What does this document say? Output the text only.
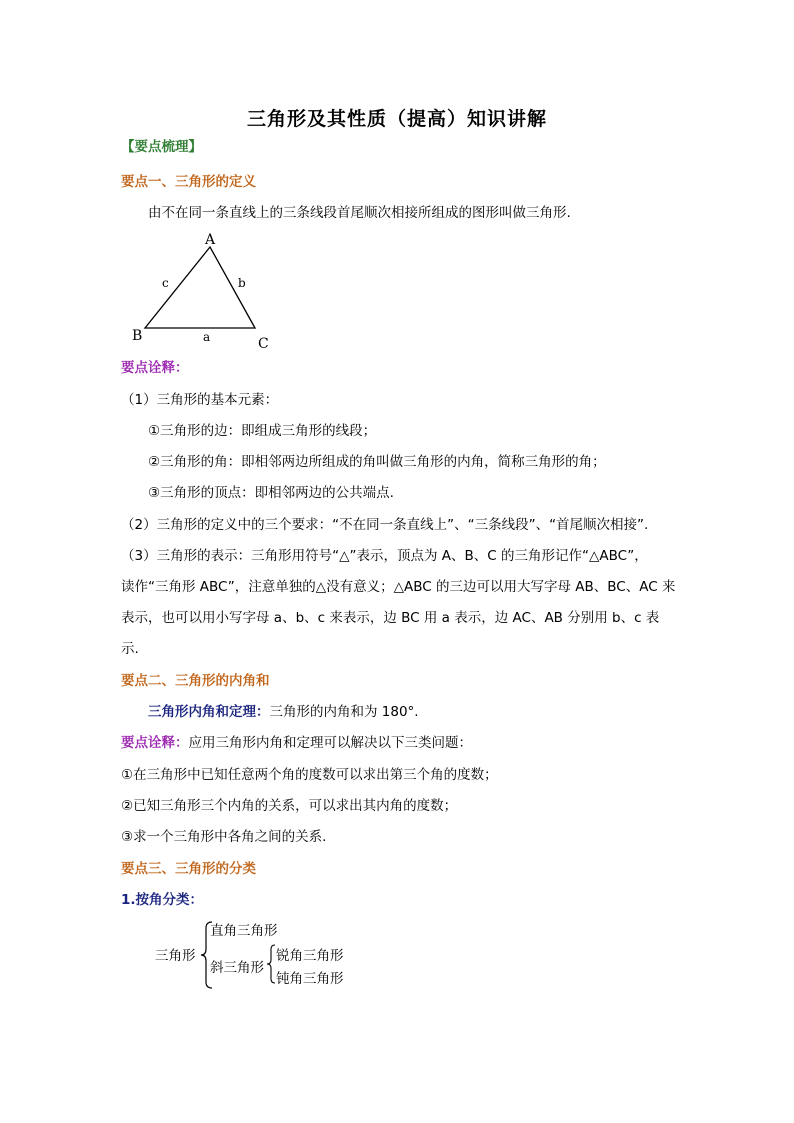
三角形及其性质（提高）知识讲解
【要点梳理】
要点一、三角形的定义
由不在同一条直线上的三条线段首尾顺次相接所组成的图形叫做三角形.
A
B	C
a
b
c
要点诠释：
（1）三角形的基本元素：
①三角形的边：即组成三角形的线段；
②三角形的角：即相邻两边所组成的角叫做三角形的内角，简称三角形的角；
③三角形的顶点：即相邻两边的公共端点.
（2）三角形的定义中的三个要求：“不在同一条直线上”、“三条线段”、“首尾顺次相接”.
（3）三角形的表示：三角形用符号“△”表示，顶点为 A、B、C 的三角形记作“△ABC”，
读作“三角形 ABC”，注意单独的△没有意义；△ABC 的三边可以用大写字母 AB、BC、AC 来
表示，也可以用小写字母 a、b、c 来表示，边 BC 用 a 表示，边 AC、AB 分别用 b、c 表
示.
要点二、三角形的内角和
三角形内角和定理：三角形的内角和为 180°.
要点诠释：应用三角形内角和定理可以解决以下三类问题：
①在三角形中已知任意两个角的度数可以求出第三个角的度数；
②已知三角形三个内角的关系，可以求出其内角的度数；
③求一个三角形中各角之间的关系.
要点三、三角形的分类
1.按角分类：
三角形
直角三角形
斜三角形
锐角三角形
钝角三角形
